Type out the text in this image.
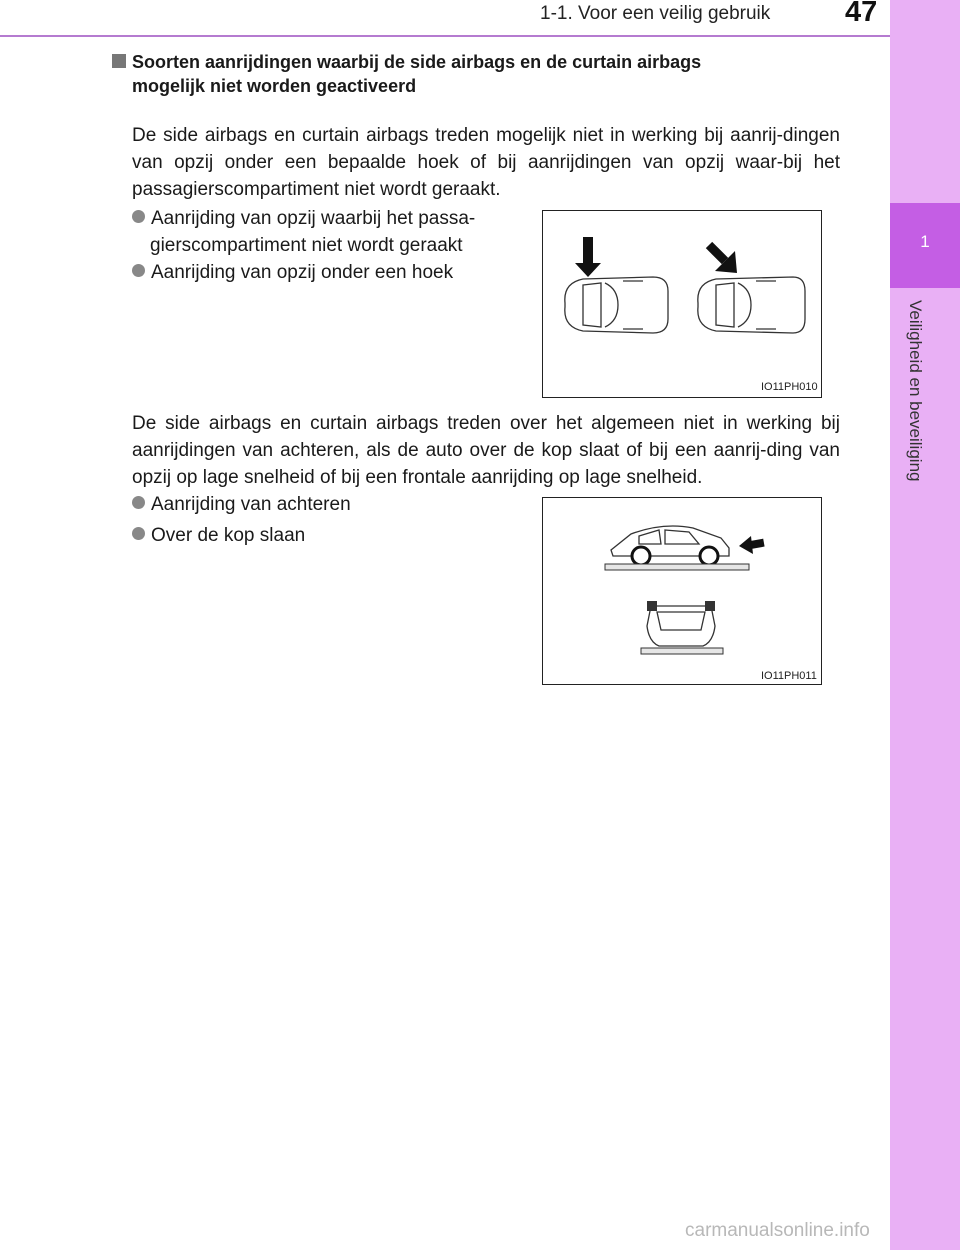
1-1. Voor een veilig gebruik	47
1
Veiligheid en beveiliging
Soorten aanrijdingen waarbij de side airbags en de curtain airbags
mogelijk niet worden geactiveerd
De side airbags en curtain airbags treden mogelijk niet in werking bij aanrij-dingen van opzij onder een bepaalde hoek of bij aanrijdingen van opzij waar-bij het passagierscompartiment niet wordt geraakt.
Aanrijding van opzij waarbij het passa-
gierscompartiment niet wordt geraakt
Aanrijding van opzij onder een hoek
IO11PH010
De side airbags en curtain airbags treden over het algemeen niet in werking bij aanrijdingen van achteren, als de auto over de kop slaat of bij een aanrij-ding van opzij op lage snelheid of bij een frontale aanrijding op lage snelheid.
Aanrijding van achteren
Over de kop slaan
IO11PH011
carmanualsonline.info
